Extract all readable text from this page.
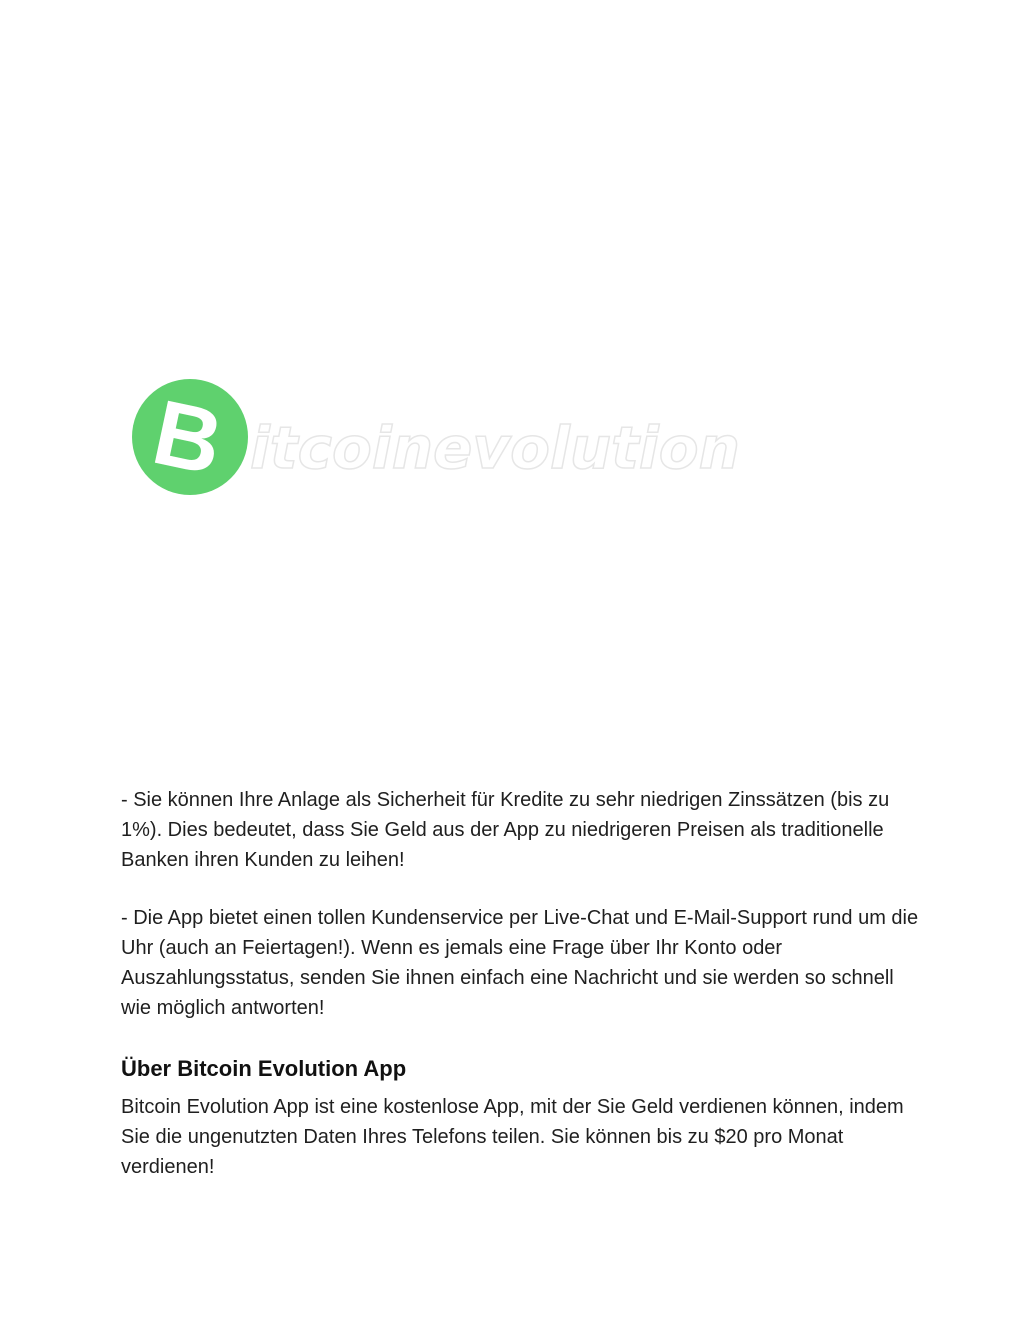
B itcoinevolution

- Sie können Ihre Anlage als Sicherheit für Kredite zu sehr niedrigen Zinssätzen (bis zu 1%). Dies bedeutet, dass Sie Geld aus der App zu niedrigeren Preisen als traditionelle Banken ihren Kunden zu leihen!

- Die App bietet einen tollen Kundenservice per Live-Chat und E-Mail-Support rund um die Uhr (auch an Feiertagen!). Wenn es jemals eine Frage über Ihr Konto oder Auszahlungsstatus, senden Sie ihnen einfach eine Nachricht und sie werden so schnell wie möglich antworten!

Über Bitcoin Evolution App

Bitcoin Evolution App ist eine kostenlose App, mit der Sie Geld verdienen können, indem Sie die ungenutzten Daten Ihres Telefons teilen. Sie können bis zu $20 pro Monat verdienen!
